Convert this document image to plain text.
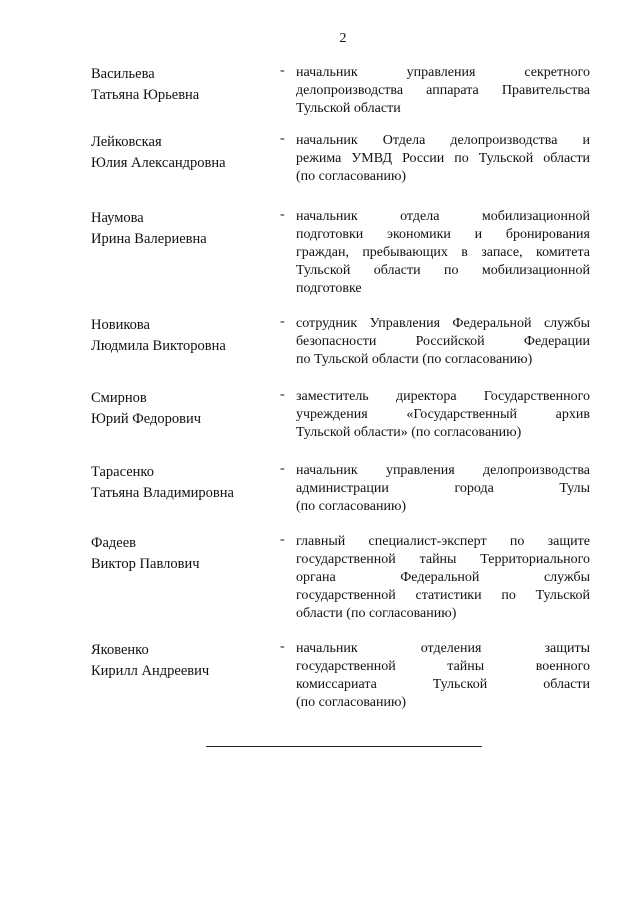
2
Васильева
Татьяна Юрьевна
- начальник управления секретного
делопроизводства аппарата Правительства
Тульской области
Лейковская
Юлия Александровна
- начальник Отдела делопроизводства и
режима УМВД России по Тульской области
(по согласованию)
Наумова
Ирина Валериевна
- начальник отдела мобилизационной
подготовки экономики и бронирования
граждан, пребывающих в запасе, комитета
Тульской области по мобилизационной
подготовке
Новикова
Людмила Викторовна
- сотрудник Управления Федеральной службы
безопасности Российской Федерации
по Тульской области (по согласованию)
Смирнов
Юрий Федорович
- заместитель директора Государственного
учреждения «Государственный архив
Тульской области» (по согласованию)
Тарасенко
Татьяна Владимировна
- начальник управления делопроизводства
администрации города Тулы
(по согласованию)
Фадеев
Виктор Павлович
- главный специалист-эксперт по защите
государственной тайны Территориального
органа Федеральной службы
государственной статистики по Тульской
области (по согласованию)
Яковенко
Кирилл Андреевич
- начальник отделения защиты
государственной тайны военного
комиссариата Тульской области
(по согласованию)
